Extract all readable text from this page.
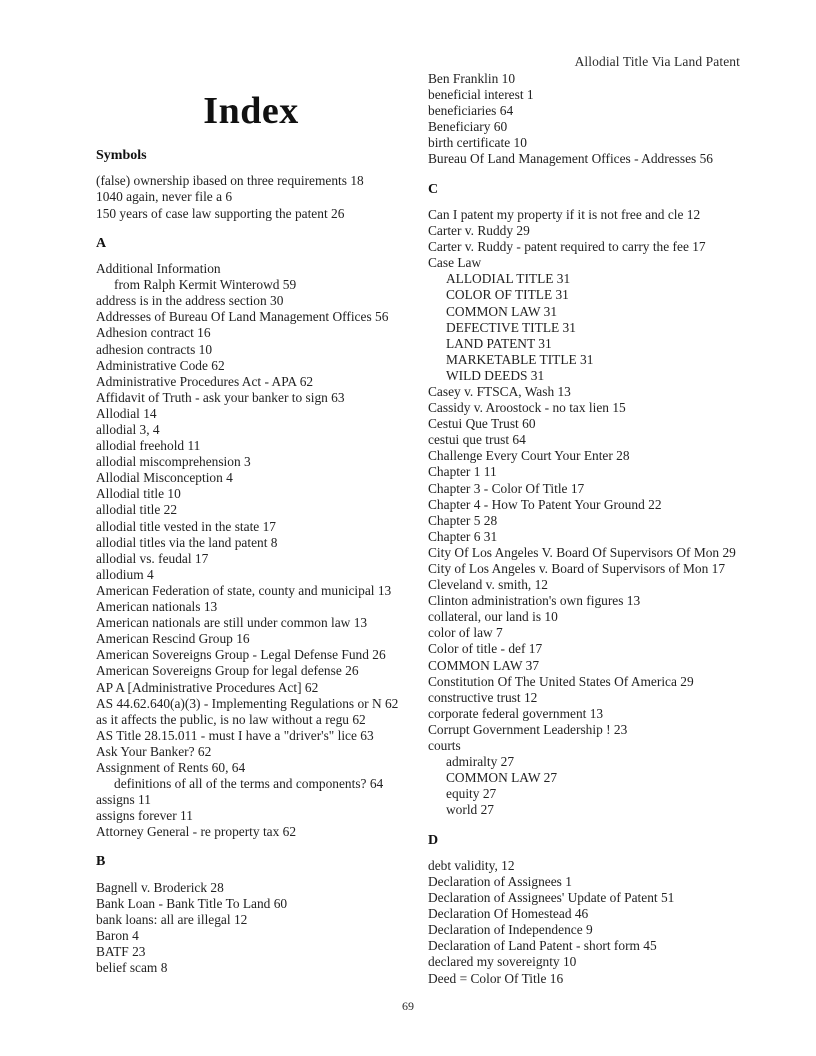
Allodial Title Via Land Patent
Index
Symbols
(false) ownership ibased on three requirements 18
1040 again, never file a 6
150 years of case law supporting the patent 26
A
Additional Information
from Ralph Kermit Winterowd 59
address is in the address section 30
Addresses of Bureau Of Land Management Offices 56
Adhesion contract 16
adhesion contracts 10
Administrative Code 62
Administrative Procedures Act - APA 62
Affidavit of Truth - ask your banker to sign 63
Allodial 14
allodial 3, 4
allodial freehold 11
allodial miscomprehension 3
Allodial Misconception 4
Allodial title 10
allodial title 22
allodial title vested in the state 17
allodial titles via the land patent 8
allodial vs. feudal 17
allodium 4
American Federation of state, county and municipal 13
American nationals 13
American nationals are still under common law 13
American Rescind Group 16
American Sovereigns Group - Legal Defense Fund 26
American Sovereigns Group for legal defense 26
AP A [Administrative Procedures Act] 62
AS 44.62.640(a)(3) - Implementing Regulations or N 62
as it affects the public, is no law without a regu 62
AS Title 28.15.011 - must I have a "driver's" lice 63
Ask Your Banker? 62
Assignment of Rents 60, 64
definitions of all of the terms and components? 64
assigns 11
assigns forever 11
Attorney General - re property tax 62
B
Bagnell v. Broderick 28
Bank Loan - Bank Title To Land 60
bank loans: all are illegal 12
Baron 4
BATF 23
belief scam 8
Ben Franklin 10
beneficial interest 1
beneficiaries 64
Beneficiary 60
birth certificate 10
Bureau Of Land Management Offices - Addresses 56
C
Can I patent my property if it is not free and cle 12
Carter v. Ruddy 29
Carter v. Ruddy - patent required to carry the fee 17
Case Law
ALLODIAL TITLE 31
COLOR OF TITLE 31
COMMON LAW 31
DEFECTIVE TITLE 31
LAND PATENT 31
MARKETABLE TITLE 31
WILD DEEDS 31
Casey v. FTSCA, Wash 13
Cassidy v. Aroostock - no tax lien 15
Cestui Que Trust 60
cestui que trust 64
Challenge Every Court Your Enter 28
Chapter 1 11
Chapter 3 - Color Of Title 17
Chapter 4 - How To Patent Your Ground 22
Chapter 5 28
Chapter 6 31
City Of Los Angeles V. Board Of Supervisors Of Mon 29
City of Los Angeles v. Board of Supervisors of Mon 17
Cleveland v. smith, 12
Clinton administration's own figures 13
collateral, our land is 10
color of law 7
Color of title - def 17
COMMON LAW 37
Constitution Of The United States Of America 29
constructive trust 12
corporate federal government 13
Corrupt Government Leadership ! 23
courts
admiralty 27
COMMON LAW 27
equity 27
world 27
D
debt validity, 12
Declaration of Assignees 1
Declaration of Assignees' Update of Patent 51
Declaration Of Homestead 46
Declaration of Independence 9
Declaration of Land Patent - short form 45
declared my sovereignty 10
Deed = Color Of Title 16
69
